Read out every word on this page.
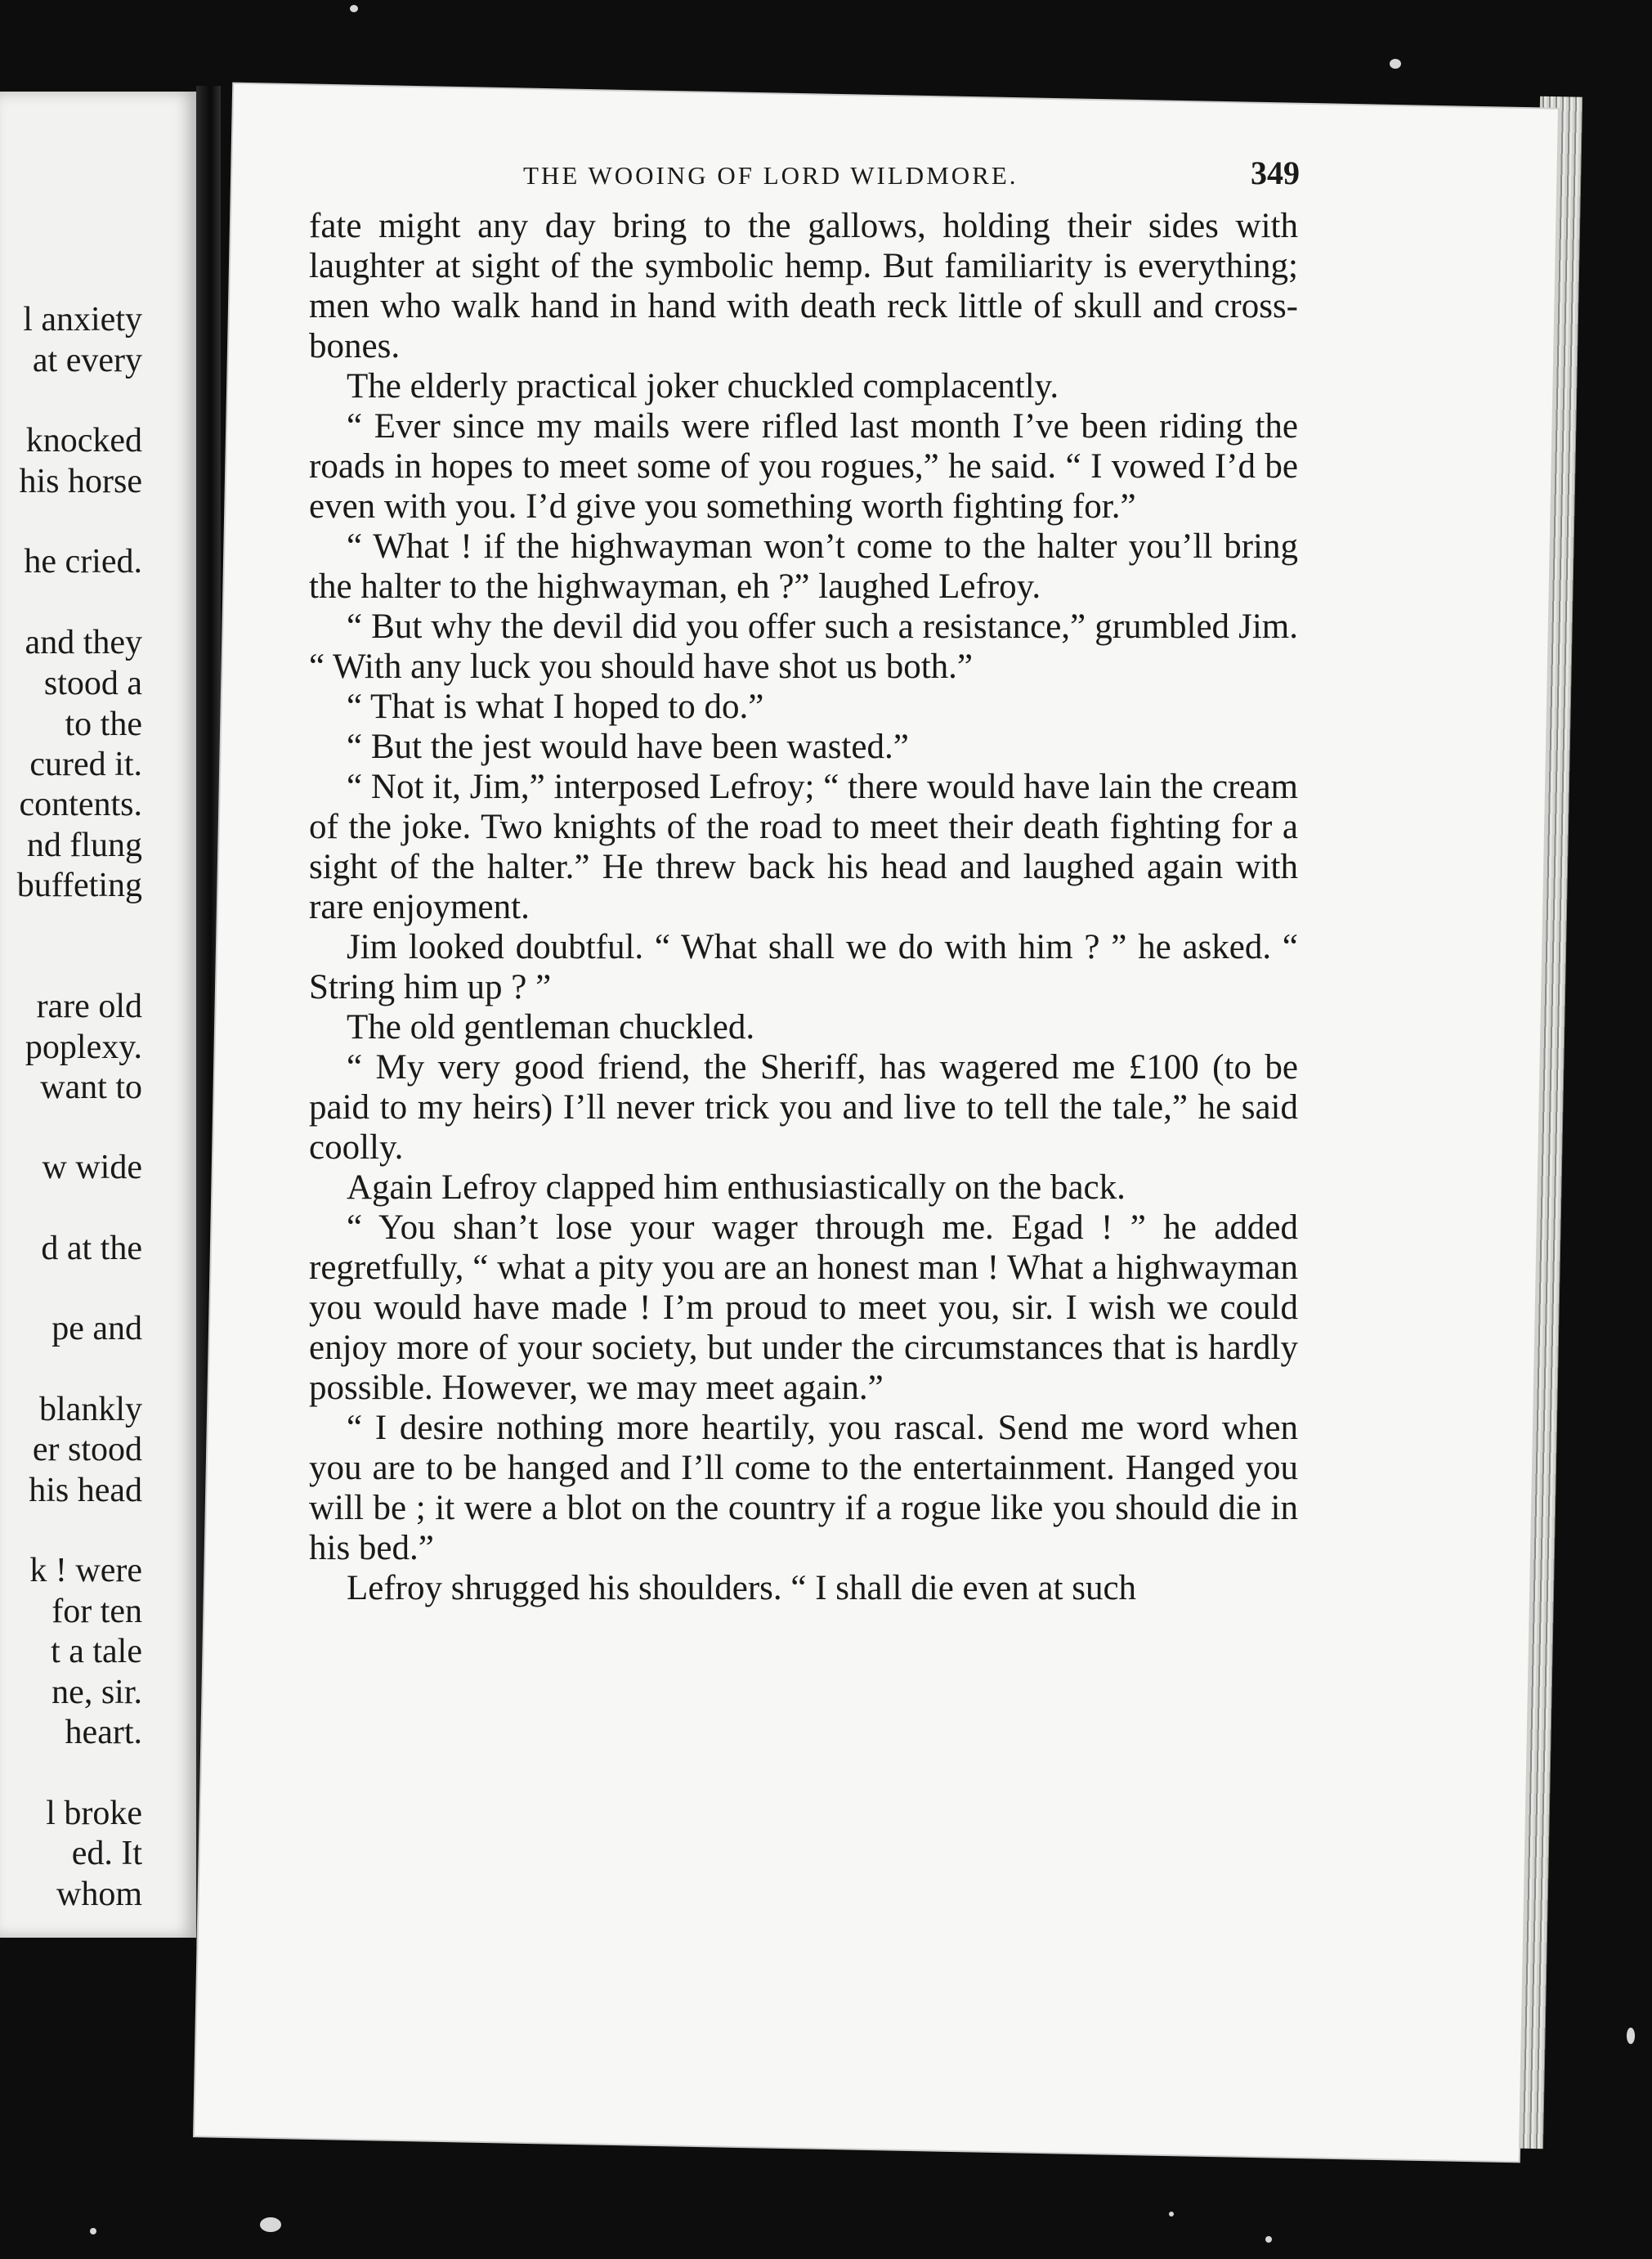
l anxiety
at every
knocked
his horse
he cried.
and they
stood a
to the
cured it.
contents.
nd flung
buffeting
rare old
poplexy.
want to
w wide
d at the
pe and
blankly
er stood
his head
k ! were
for ten
t a tale
ne, sir.
heart.
l broke
ed. It
whom
THE WOOING OF LORD WILDMORE.	349

fate might any day bring to the gallows, holding their sides with laughter at sight of the symbolic hemp. But familiarity is everything; men who walk hand in hand with death reck little of skull and cross-bones.

The elderly practical joker chuckled complacently.

“ Ever since my mails were rifled last month I’ve been riding the roads in hopes to meet some of you rogues,” he said. “ I vowed I’d be even with you. I’d give you something worth fighting for.”

“ What ! if the highwayman won’t come to the halter you’ll bring the halter to the highwayman, eh ?” laughed Lefroy.

“ But why the devil did you offer such a resistance,” grumbled Jim. “ With any luck you should have shot us both.”

“ That is what I hoped to do.”

“ But the jest would have been wasted.”

“ Not it, Jim,” interposed Lefroy; “ there would have lain the cream of the joke. Two knights of the road to meet their death fighting for a sight of the halter.” He threw back his head and laughed again with rare enjoyment.

Jim looked doubtful. “ What shall we do with him ? ” he asked. “ String him up ? ”

The old gentleman chuckled.

“ My very good friend, the Sheriff, has wagered me £100 (to be paid to my heirs) I’ll never trick you and live to tell the tale,” he said coolly.

Again Lefroy clapped him enthusiastically on the back.

“ You shan’t lose your wager through me. Egad ! ” he added regretfully, “ what a pity you are an honest man ! What a highwayman you would have made ! I’m proud to meet you, sir. I wish we could enjoy more of your society, but under the circumstances that is hardly possible. However, we may meet again.”

“ I desire nothing more heartily, you rascal. Send me word when you are to be hanged and I’ll come to the entertainment. Hanged you will be ; it were a blot on the country if a rogue like you should die in his bed.”

Lefroy shrugged his shoulders. “ I shall die even at such
